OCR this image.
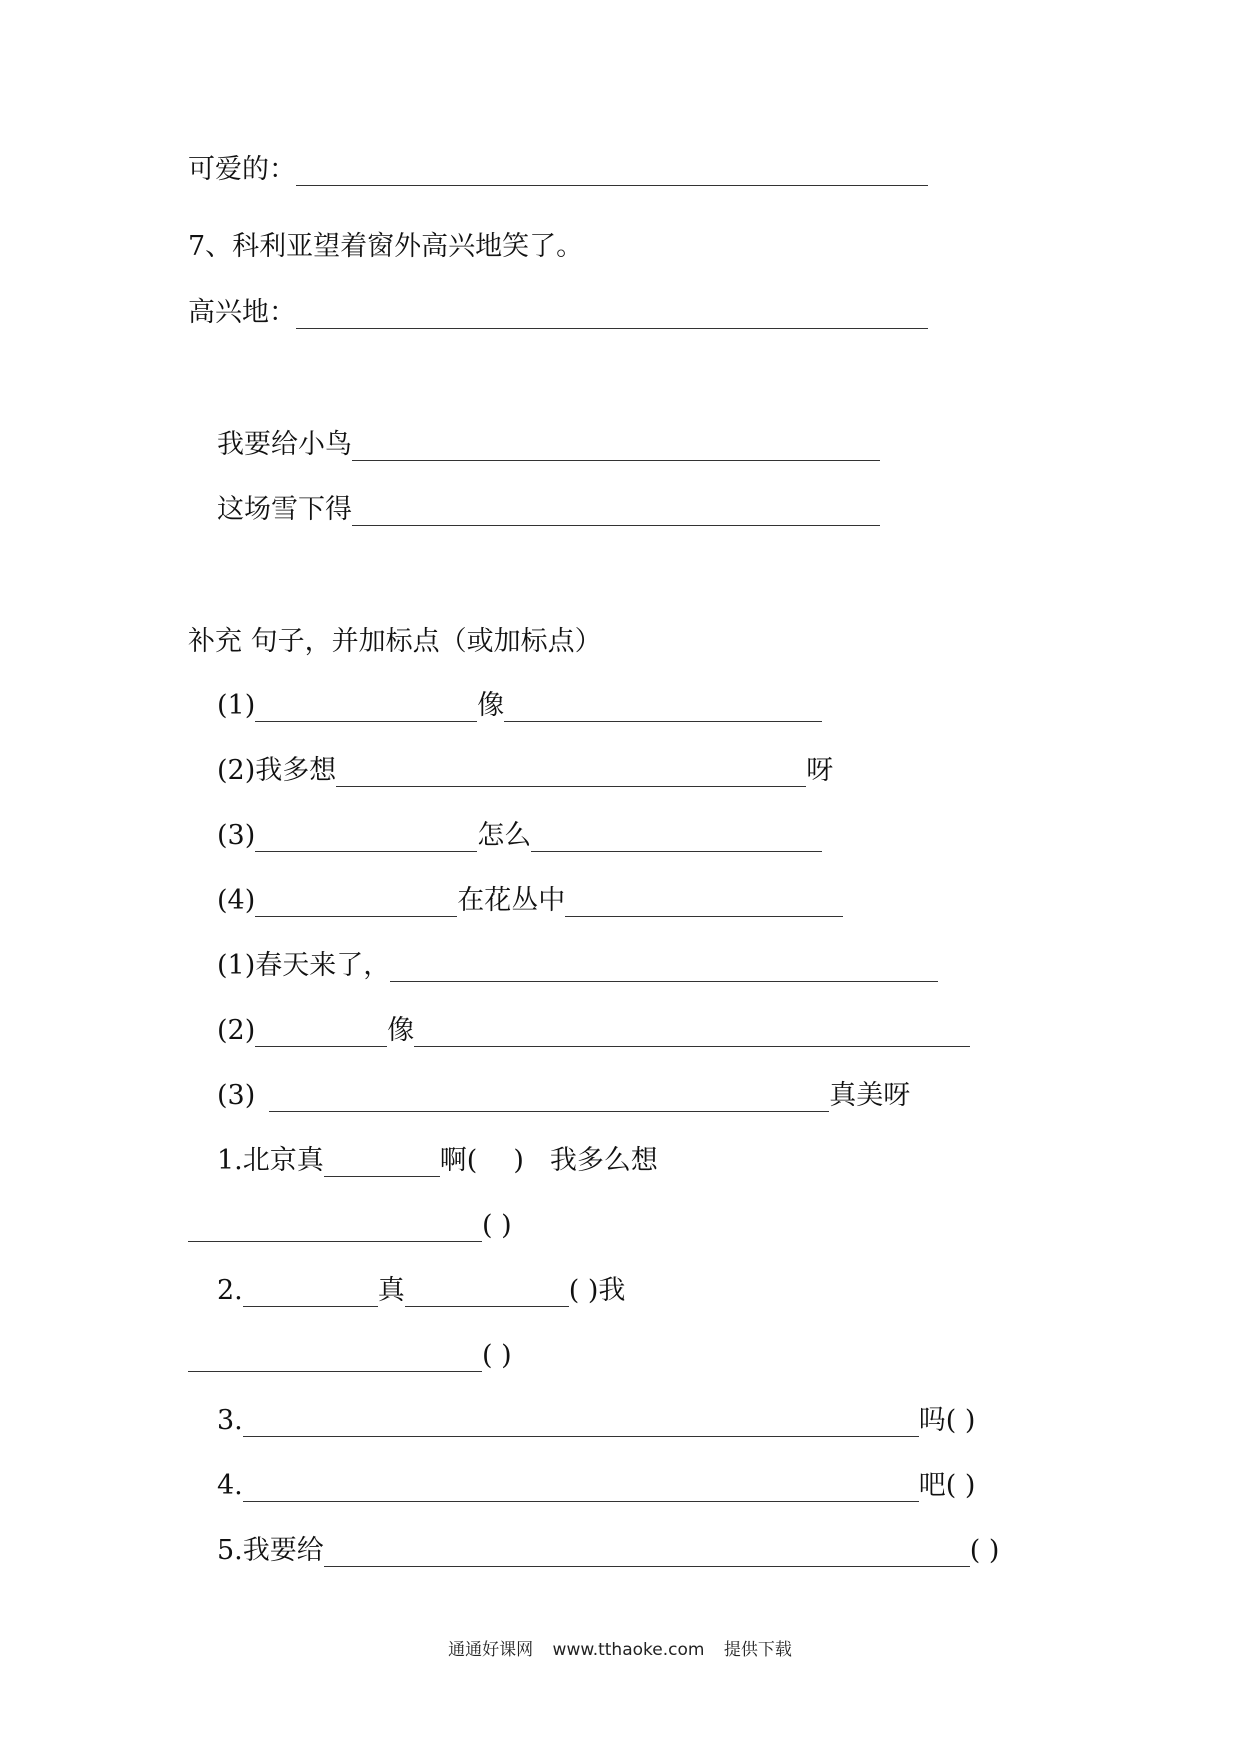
可爱的：
7、科利亚望着窗外高兴地笑了。
高兴地：
我要给小鸟
这场雪下得
补充 句子，并加标点（或加标点）
(1)	像
(2) 我多想	呀
(3)	怎么
(4)	在花丛中
(1) 春天来了，
(2)	像
(3)	真美呀
1.北京真	啊( ) 我多么想
( )
2.	真	( )我
( )
3.	吗( )
4.	吧( )
5.我要给	( )
通通好课网 www.tthaoke.com 提供下载
